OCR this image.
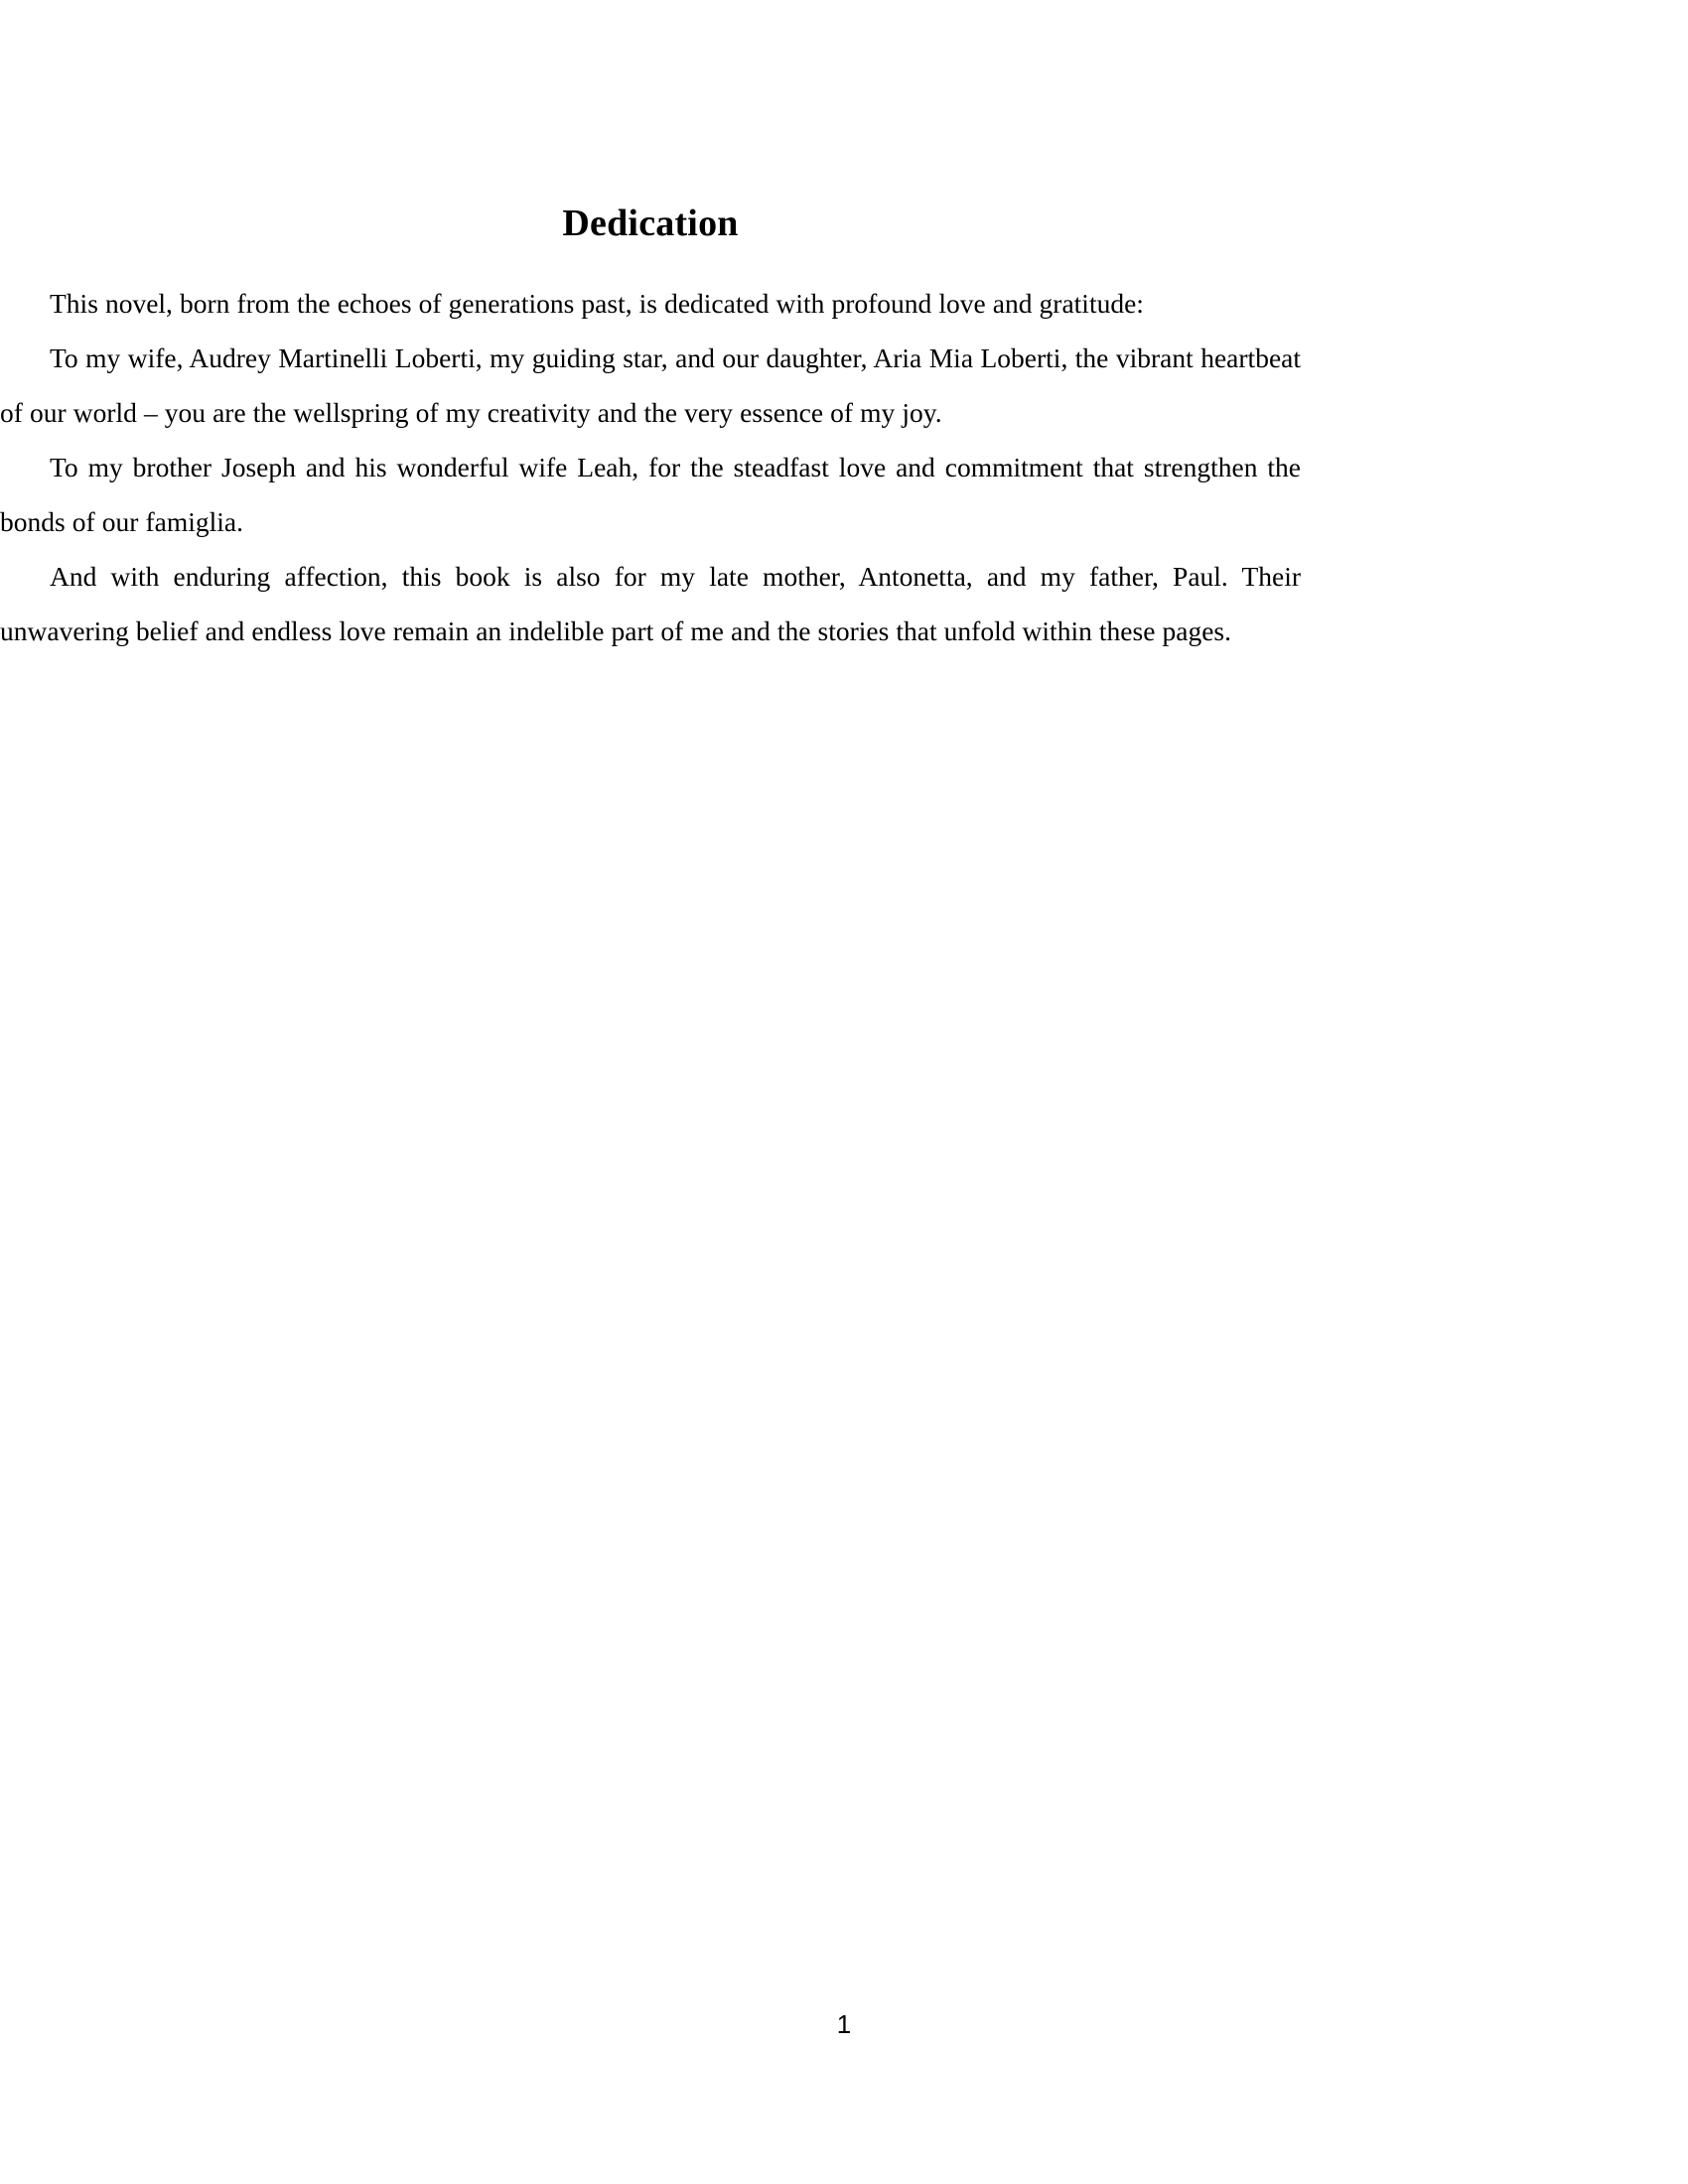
Dedication

This novel, born from the echoes of generations past, is dedicated with profound love and gratitude:

To my wife, Audrey Martinelli Loberti, my guiding star, and our daughter, Aria Mia Loberti, the vibrant heartbeat of our world – you are the wellspring of my creativity and the very essence of my joy.

To my brother Joseph and his wonderful wife Leah, for the steadfast love and commitment that strengthen the bonds of our famiglia.

And with enduring affection, this book is also for my late mother, Antonetta, and my father, Paul. Their unwavering belief and endless love remain an indelible part of me and the stories that unfold within these pages.

1
